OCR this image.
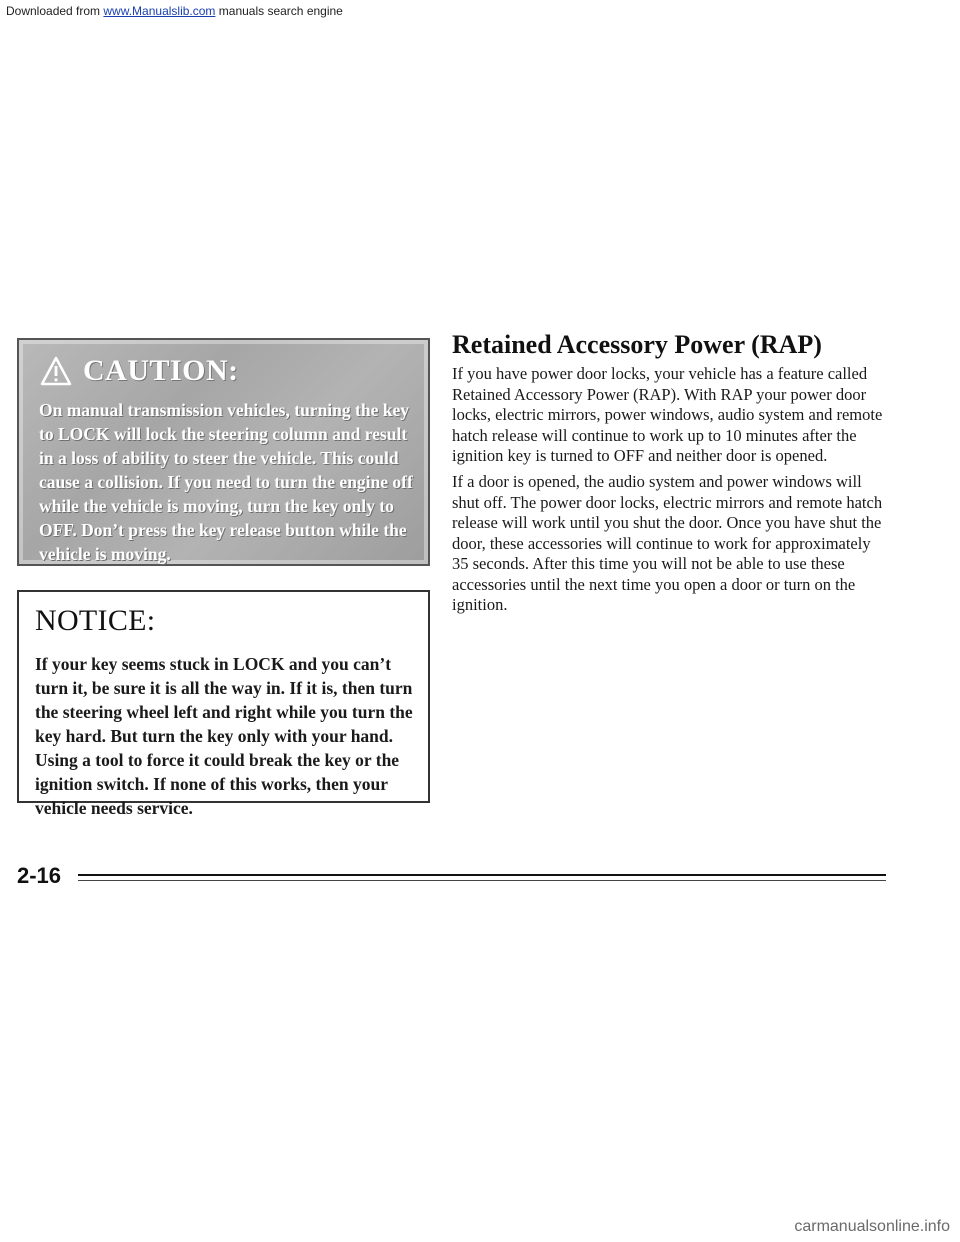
Downloaded from www.Manualslib.com manuals search engine
CAUTION:
On manual transmission vehicles, turning the key to LOCK will lock the steering column and result in a loss of ability to steer the vehicle. This could cause a collision. If you need to turn the engine off while the vehicle is moving, turn the key only to OFF. Don’t press the key release button while the vehicle is moving.
NOTICE:
If your key seems stuck in LOCK and you can’t turn it, be sure it is all the way in. If it is, then turn the steering wheel left and right while you turn the key hard. But turn the key only with your hand. Using a tool to force it could break the key or the ignition switch. If none of this works, then your vehicle needs service.
Retained Accessory Power (RAP)
If you have power door locks, your vehicle has a feature called Retained Accessory Power (RAP). With RAP your power door locks, electric mirrors, power windows, audio system and remote hatch release will continue to work up to 10 minutes after the ignition key is turned to OFF and neither door is opened.
If a door is opened, the audio system and power windows will shut off. The power door locks, electric mirrors and remote hatch release will work until you shut the door. Once you have shut the door, these accessories will continue to work for approximately 35 seconds. After this time you will not be able to use these accessories until the next time you open a door or turn on the ignition.
2-16
carmanualsonline.info
